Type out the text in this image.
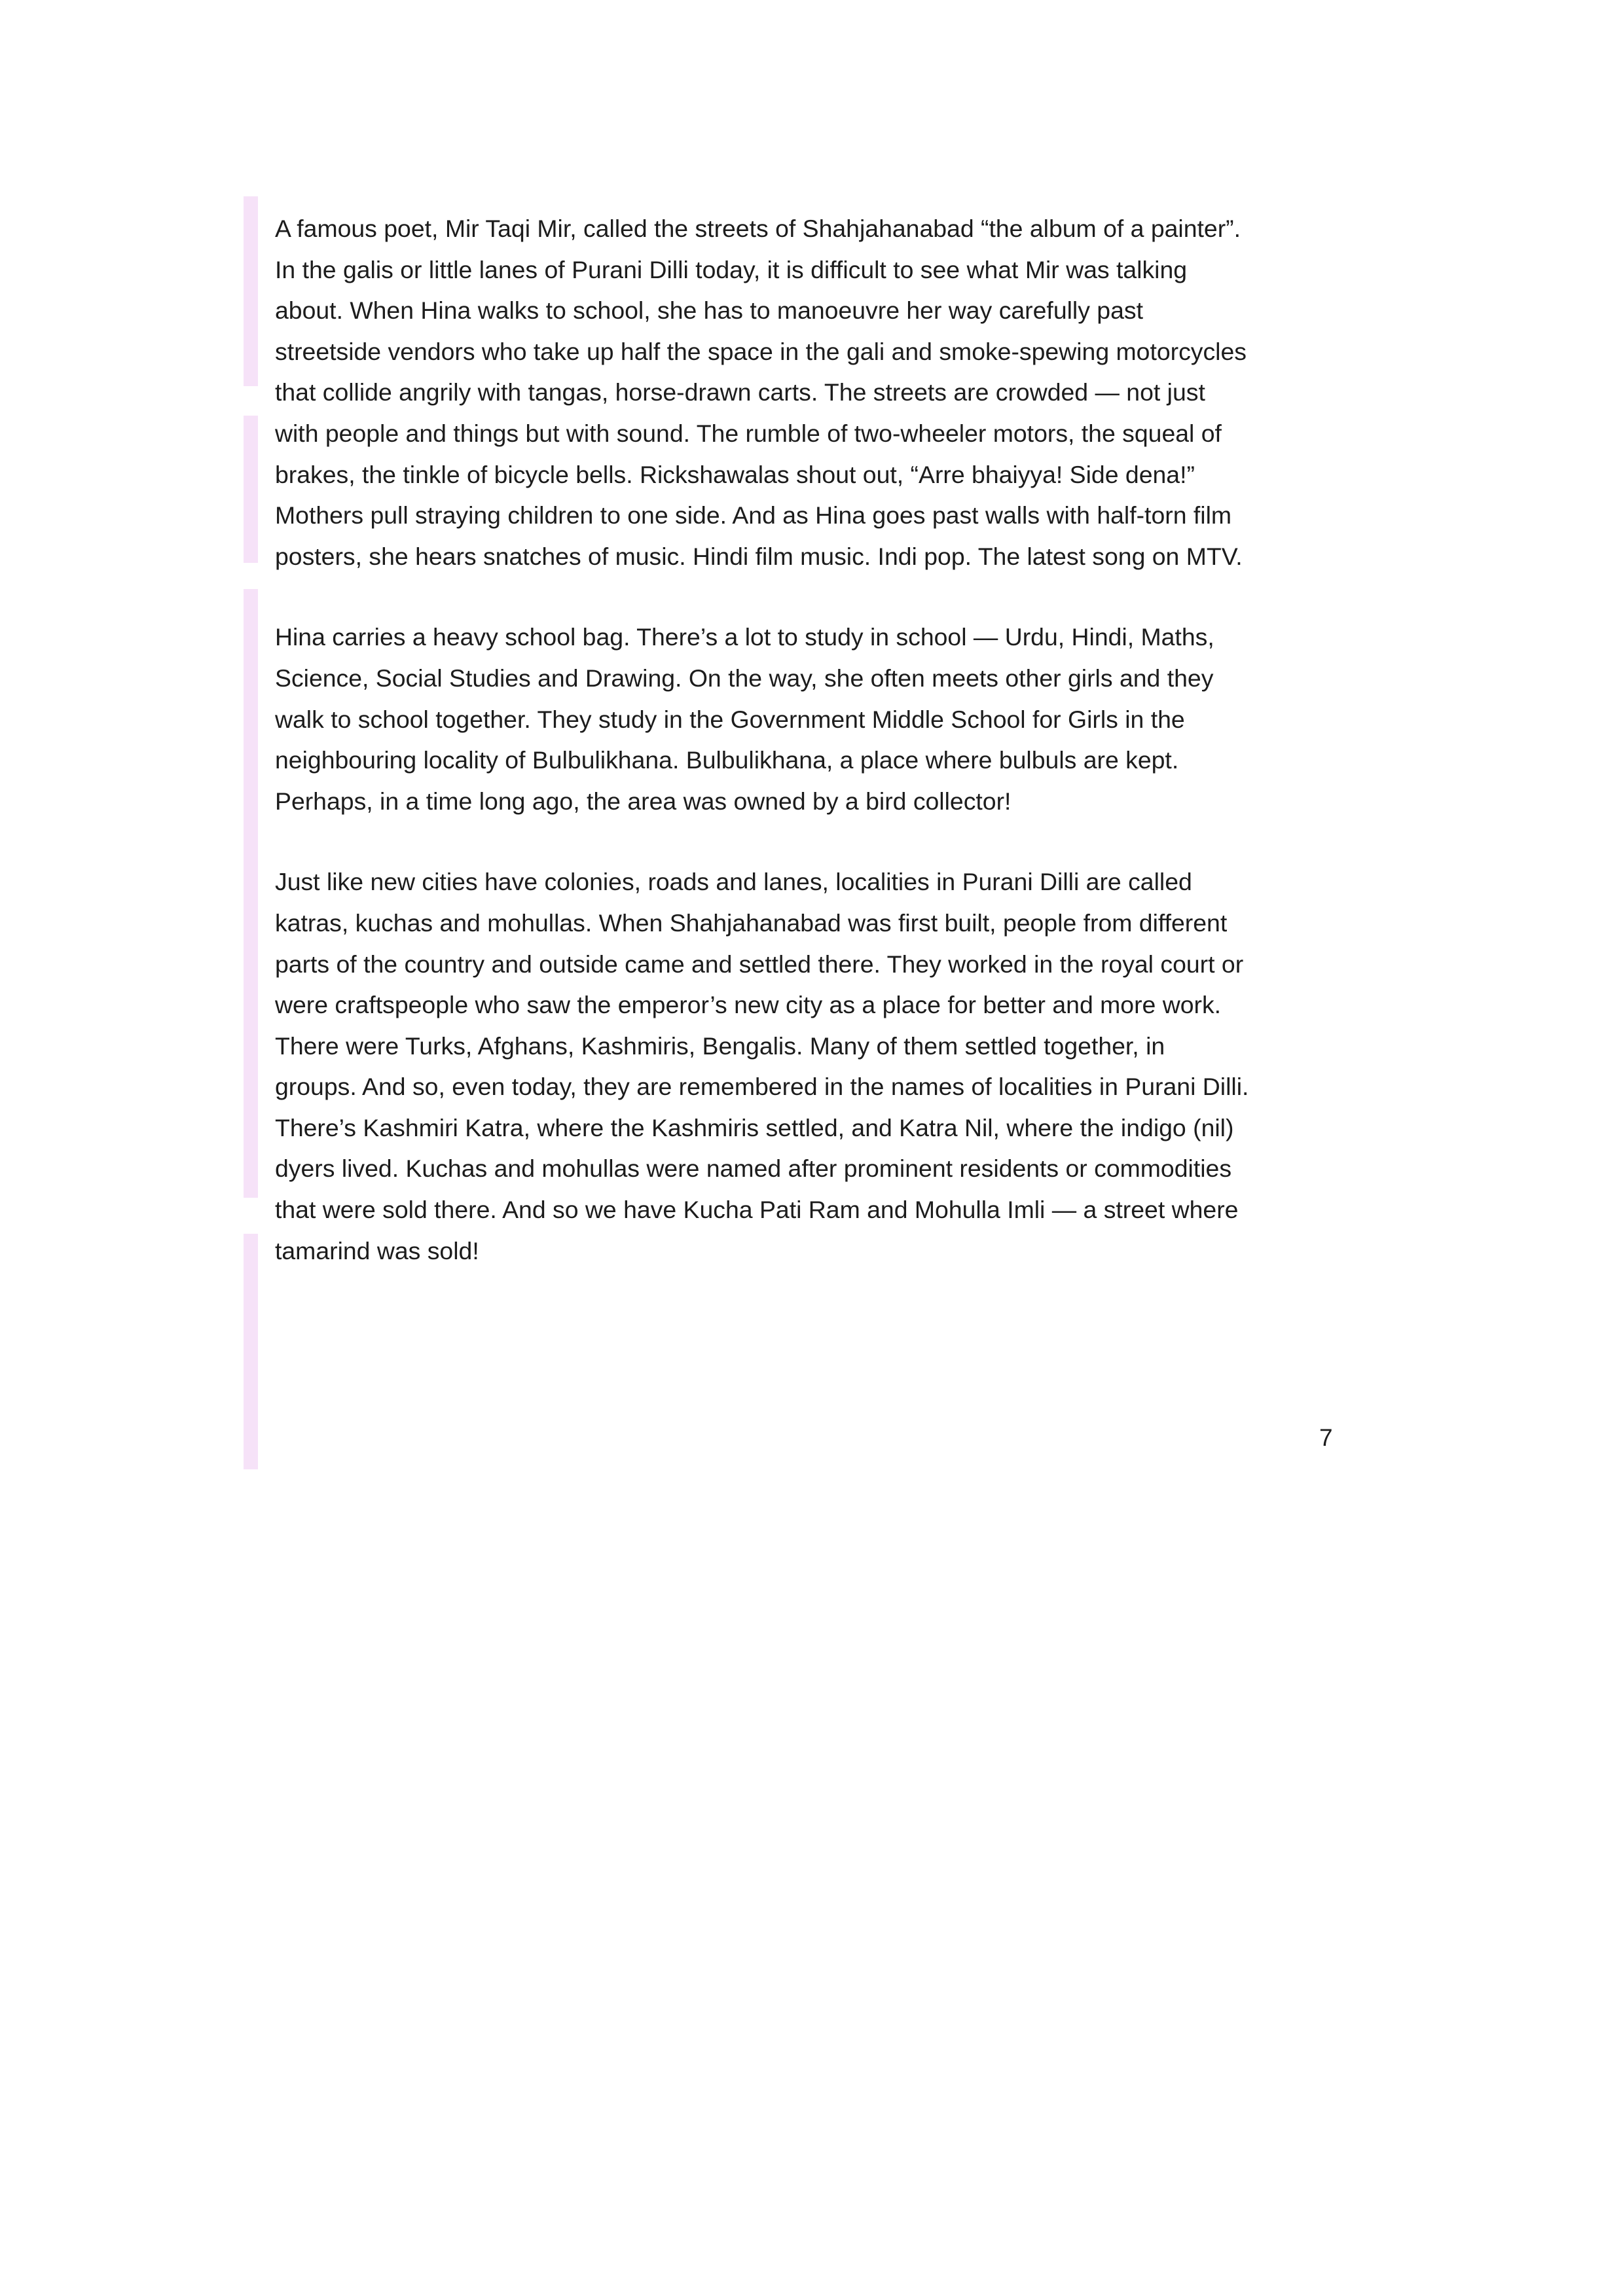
A famous poet, Mir Taqi Mir, called the streets of Shahjahanabad “the album of a painter”.
In the galis or little lanes of Purani Dilli today, it is difficult to see what Mir was talking
about. When Hina walks to school, she has to manoeuvre her way carefully past
streetside vendors who take up half the space in the gali and smoke-spewing motorcycles
that collide angrily with tangas, horse-drawn carts. The streets are crowded — not just
with people and things but with sound. The rumble of two-wheeler motors, the squeal of
brakes, the tinkle of bicycle bells. Rickshawalas shout out, “Arre bhaiyya! Side dena!”
Mothers pull straying children to one side. And as Hina goes past walls with half-torn film
posters, she hears snatches of music. Hindi film music. Indi pop. The latest song on MTV.

Hina carries a heavy school bag. There’s a lot to study in school — Urdu, Hindi, Maths,
Science, Social Studies and Drawing. On the way, she often meets other girls and they
walk to school together. They study in the Government Middle School for Girls in the
neighbouring locality of Bulbulikhana. Bulbulikhana, a place where bulbuls are kept.
Perhaps, in a time long ago, the area was owned by a bird collector!

Just like new cities have colonies, roads and lanes, localities in Purani Dilli are called
katras, kuchas and mohullas. When Shahjahanabad was first built, people from different
parts of the country and outside came and settled there. They worked in the royal court or
were craftspeople who saw the emperor’s new city as a place for better and more work.
There were Turks, Afghans, Kashmiris, Bengalis. Many of them settled together, in
groups. And so, even today, they are remembered in the names of localities in Purani Dilli.
There’s Kashmiri Katra, where the Kashmiris settled, and Katra Nil, where the indigo (nil)
dyers lived. Kuchas and mohullas were named after prominent residents or commodities
that were sold there. And so we have Kucha Pati Ram and Mohulla Imli — a street where
tamarind was sold!

7
